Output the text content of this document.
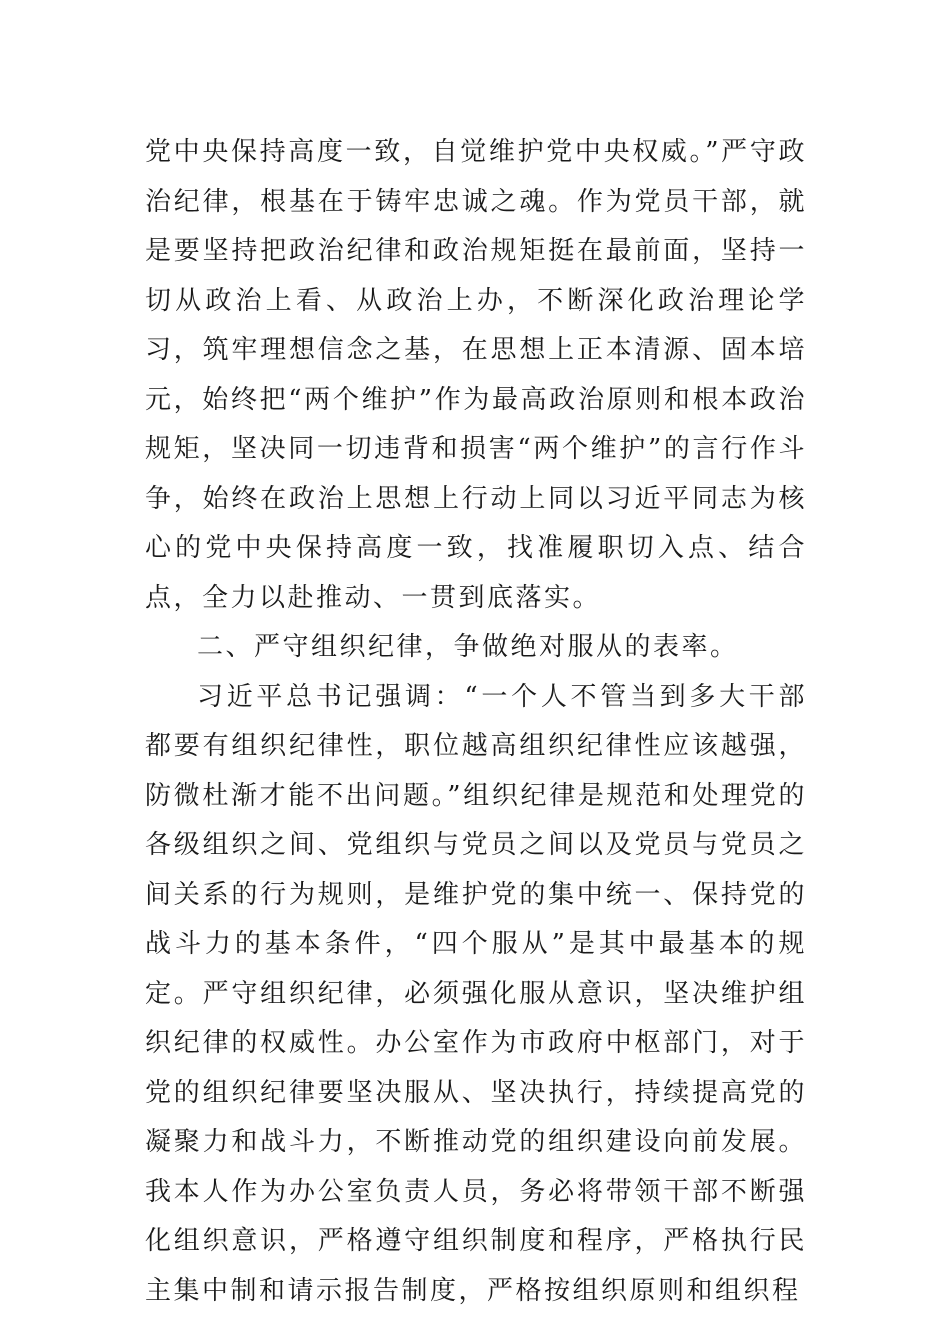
党中央保持高度一致，自觉维护党中央权威。”严守政治纪律，根基在于铸牢忠诚之魂。作为党员干部，就是要坚持把政治纪律和政治规矩挺在最前面，坚持一切从政治上看、从政治上办，不断深化政治理论学习，筑牢理想信念之基，在思想上正本清源、固本培元，始终把“两个维护”作为最高政治原则和根本政治规矩，坚决同一切违背和损害“两个维护”的言行作斗争，始终在政治上思想上行动上同以习近平同志为核心的党中央保持高度一致，找准履职切入点、结合点，全力以赴推动、一贯到底落实。

二、严守组织纪律，争做绝对服从的表率。

习近平总书记强调：“一个人不管当到多大干部都要有组织纪律性，职位越高组织纪律性应该越强，防微杜渐才能不出问题。”组织纪律是规范和处理党的各级组织之间、党组织与党员之间以及党员与党员之间关系的行为规则，是维护党的集中统一、保持党的战斗力的基本条件，“四个服从”是其中最基本的规定。严守组织纪律，必须强化服从意识，坚决维护组织纪律的权威性。办公室作为市政府中枢部门，对于党的组织纪律要坚决服从、坚决执行，持续提高党的凝聚力和战斗力，不断推动党的组织建设向前发展。我本人作为办公室负责人员，务必将带领干部不断强化组织意识，严格遵守组织制度和程序，严格执行民主集中制和请示报告制度，严格按组织原则和组织程
